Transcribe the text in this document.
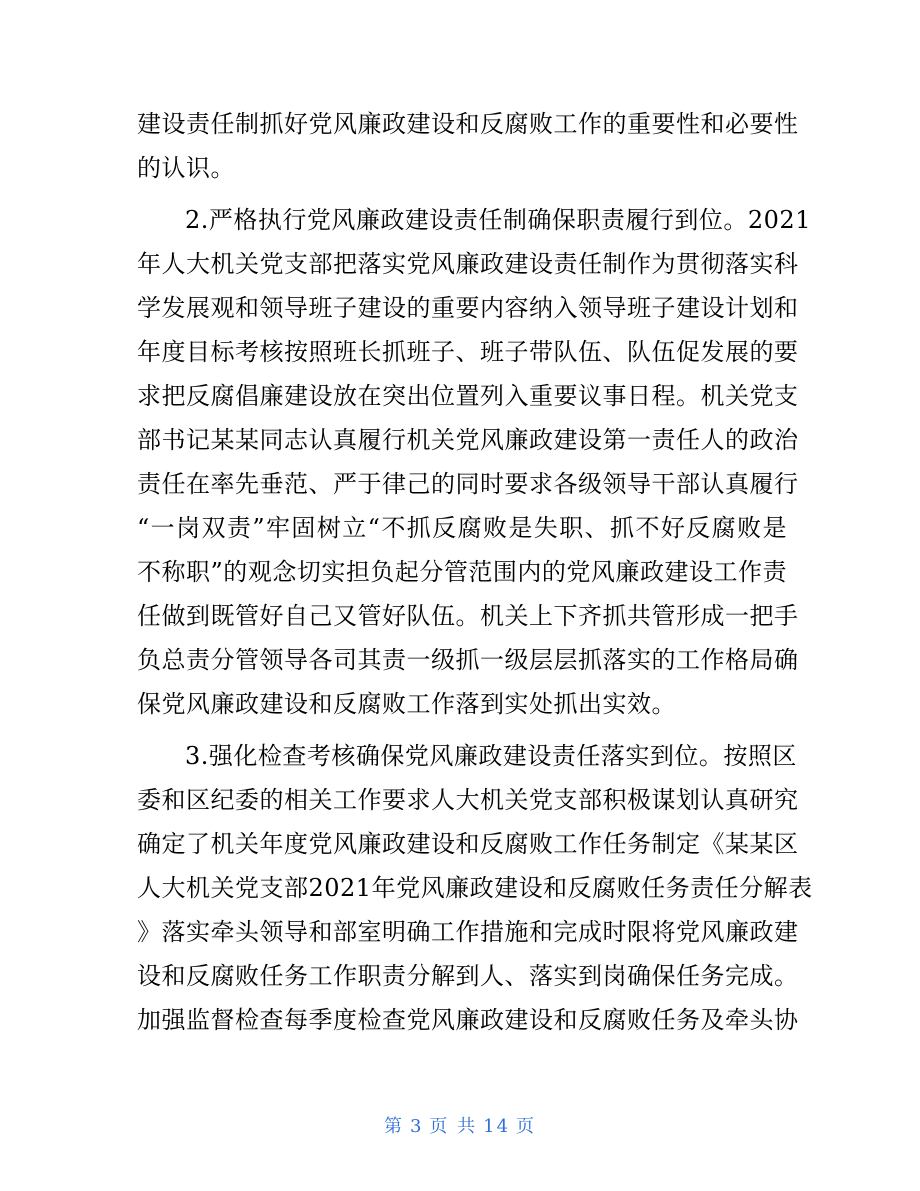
建设责任制抓好党风廉政建设和反腐败工作的重要性和必要性
的认识。
2.严格执行党风廉政建设责任制确保职责履行到位。2021
年人大机关党支部把落实党风廉政建设责任制作为贯彻落实科
学发展观和领导班子建设的重要内容纳入领导班子建设计划和
年度目标考核按照班长抓班子、班子带队伍、队伍促发展的要
求把反腐倡廉建设放在突出位置列入重要议事日程。机关党支
部书记某某同志认真履行机关党风廉政建设第一责任人的政治
责任在率先垂范、严于律己的同时要求各级领导干部认真履行
“一岗双责”牢固树立“不抓反腐败是失职、抓不好反腐败是
不称职”的观念切实担负起分管范围内的党风廉政建设工作责
任做到既管好自己又管好队伍。机关上下齐抓共管形成一把手
负总责分管领导各司其责一级抓一级层层抓落实的工作格局确
保党风廉政建设和反腐败工作落到实处抓出实效。
3.强化检查考核确保党风廉政建设责任落实到位。按照区
委和区纪委的相关工作要求人大机关党支部积极谋划认真研究
确定了机关年度党风廉政建设和反腐败工作任务制定《某某区
人大机关党支部2021年党风廉政建设和反腐败任务责任分解表
》落实牵头领导和部室明确工作措施和完成时限将党风廉政建
设和反腐败任务工作职责分解到人、落实到岗确保任务完成。
加强监督检查每季度检查党风廉政建设和反腐败任务及牵头协
第 3 页 共 14 页
